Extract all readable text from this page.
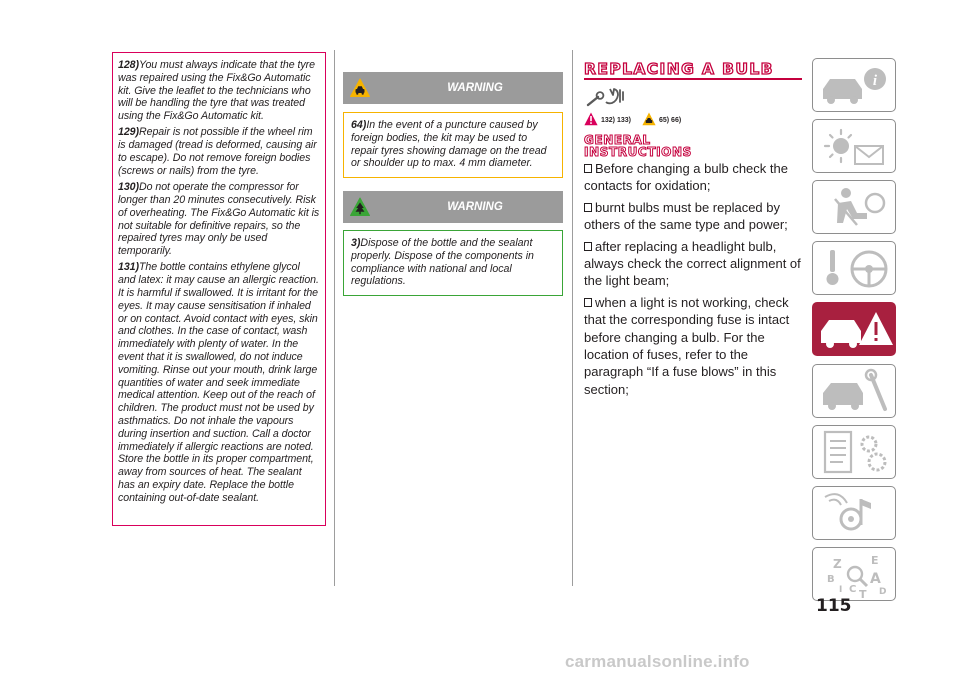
128)You must always indicate that the tyre was repaired using the Fix&Go Automatic kit. Give the leaflet to the technicians who will be handling the tyre that was treated using the Fix&Go Automatic kit.

129)Repair is not possible if the wheel rim is damaged (tread is deformed, causing air to escape). Do not remove foreign bodies (screws or nails) from the tyre.

130)Do not operate the compressor for longer than 20 minutes consecutively. Risk of overheating. The Fix&Go Automatic kit is not suitable for definitive repairs, so the repaired tyres may only be used temporarily.

131)The bottle contains ethylene glycol and latex: it may cause an allergic reaction. It is harmful if swallowed. It is irritant for the eyes. It may cause sensitisation if inhaled or on contact. Avoid contact with eyes, skin and clothes. In the case of contact, wash immediately with plenty of water. In the event that it is swallowed, do not induce vomiting. Rinse out your mouth, drink large quantities of water and seek immediate medical attention. Keep out of the reach of children. The product must not be used by asthmatics. Do not inhale the vapours during insertion and suction. Call a doctor immediately if allergic reactions are noted. Store the bottle in its proper compartment, away from sources of heat. The sealant has an expiry date. Replace the bottle containing out-of-date sealant.

WARNING
64)In the event of a puncture caused by foreign bodies, the kit may be used to repair tyres showing damage on the tread or shoulder up to max. 4 mm diameter.
WARNING
3)Dispose of the bottle and the sealant properly. Dispose of the components in compliance with national and local regulations.
REPLACING A BULB
132) 133)	65) 66)
GENERAL
INSTRUCTIONS
Before changing a bulb check the contacts for oxidation;
burnt bulbs must be replaced by others of the same type and power;
after replacing a headlight bulb, always check the correct alignment of the light beam;
when a light is not working, check that the corresponding fuse is intact before changing a bulb. For the location of fuses, refer to the paragraph “If a fuse blows” in this section;
i
Z	E
B	A
D
I C T
115
carmanualsonline.info
